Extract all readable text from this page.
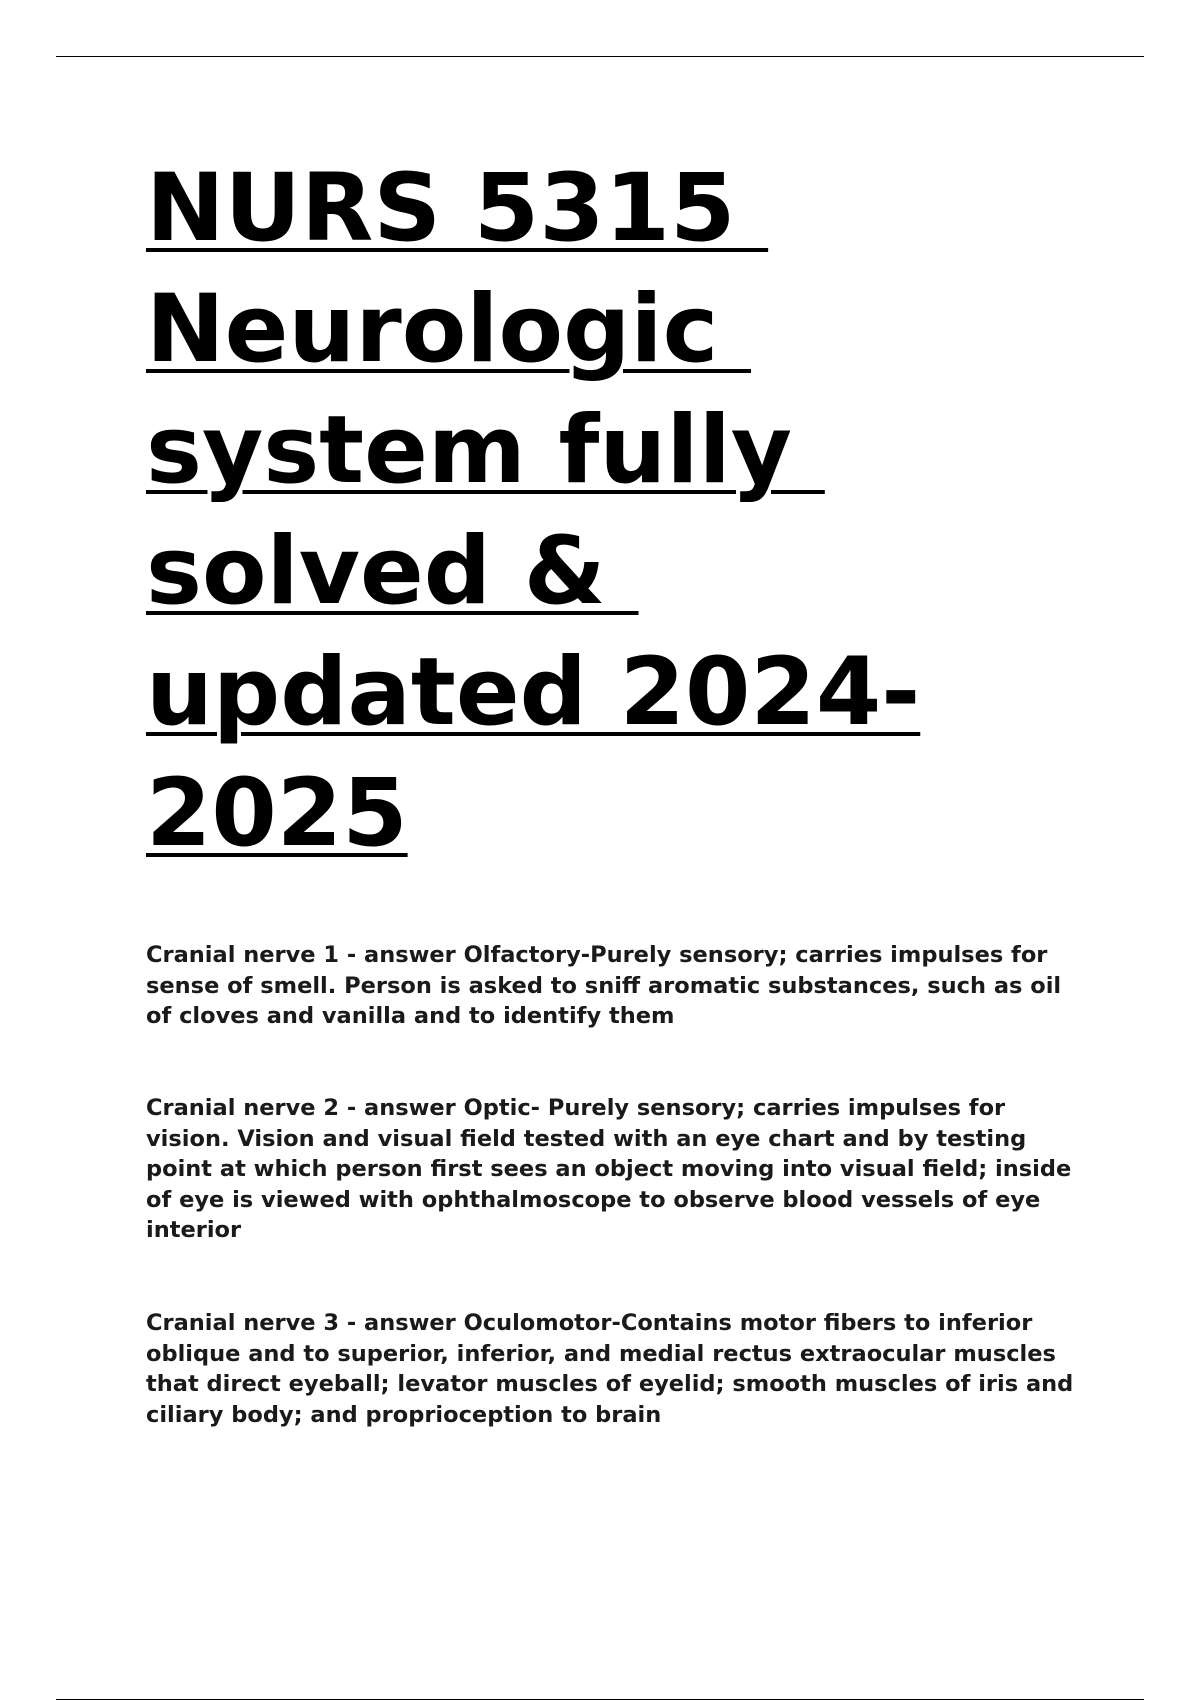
NURS 5315
Neurologic
system fully
solved &
updated 2024-
2025

Cranial nerve 1 - answer Olfactory-Purely sensory; carries impulses for sense of smell. Person is asked to sniff aromatic substances, such as oil of cloves and vanilla and to identify them

Cranial nerve 2 - answer Optic- Purely sensory; carries impulses for vision. Vision and visual field tested with an eye chart and by testing point at which person first sees an object moving into visual field; inside of eye is viewed with ophthalmoscope to observe blood vessels of eye interior

Cranial nerve 3 - answer Oculomotor-Contains motor fibers to inferior oblique and to superior, inferior, and medial rectus extraocular muscles that direct eyeball; levator muscles of eyelid; smooth muscles of iris and ciliary body; and proprioception to brain
